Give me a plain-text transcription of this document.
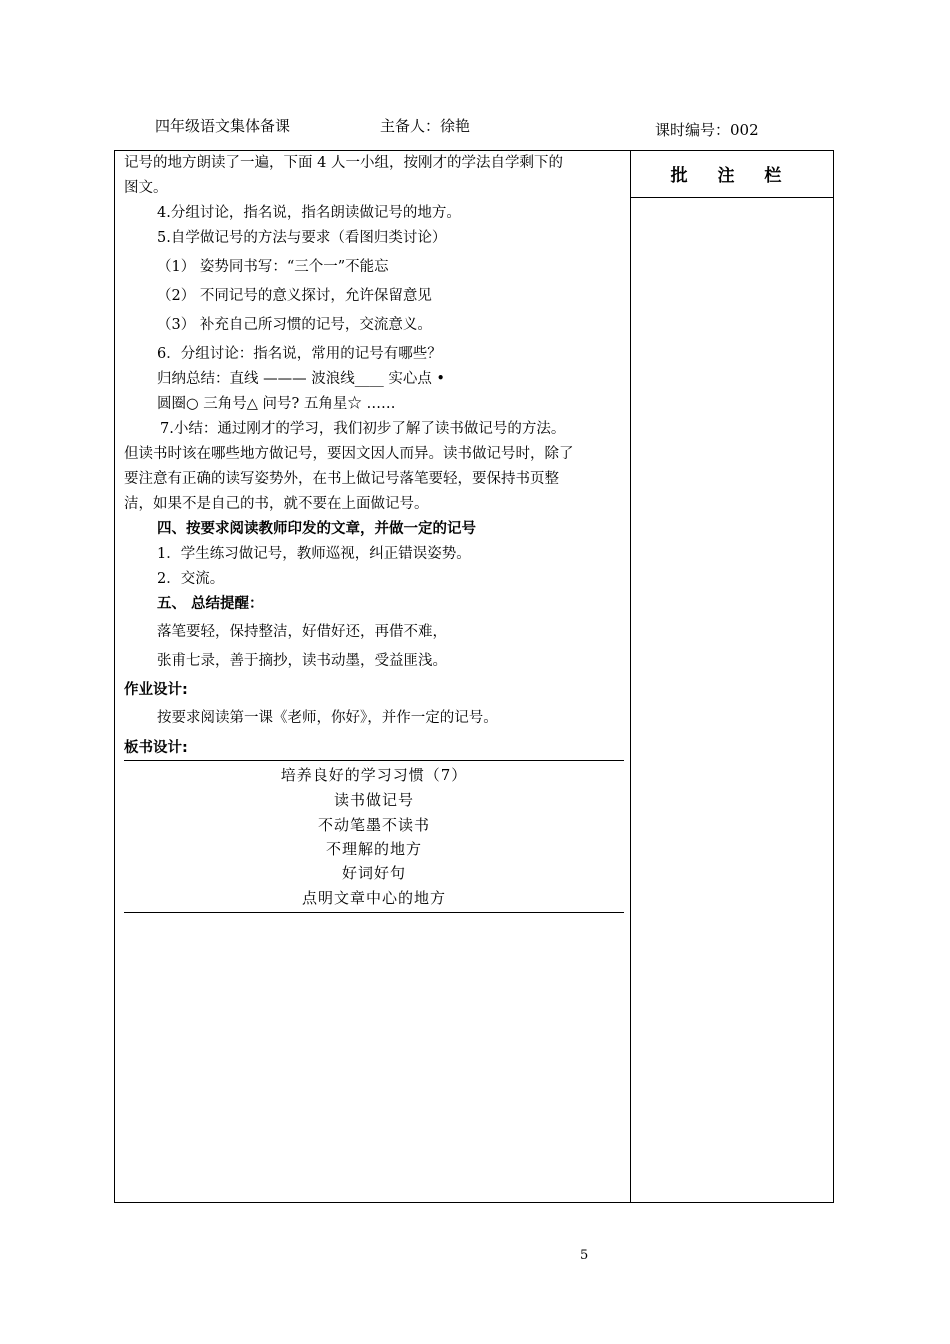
四年级语文集体备课	主备人：徐艳	课时编号：002
批 注 栏
记号的地方朗读了一遍，下面 4 人一小组，按刚才的学法自学剩下的
图文。
4.分组讨论，指名说，指名朗读做记号的地方。
5.自学做记号的方法与要求（看图归类讨论）
（1） 姿势同书写：“三个一”不能忘
（2） 不同记号的意义探讨，允许保留意见
（3） 补充自己所习惯的记号，交流意义。
6．分组讨论：指名说，常用的记号有哪些？
归纳总结：直线 ——— 波浪线____ 实心点 •
圆圈○ 三角号△ 问号? 五角星☆ ……
7.小结：通过刚才的学习，我们初步了解了读书做记号的方法。
但读书时该在哪些地方做记号，要因文因人而异。读书做记号时，除了
要注意有正确的读写姿势外，在书上做记号落笔要轻，要保持书页整
洁，如果不是自己的书，就不要在上面做记号。
四、按要求阅读教师印发的文章，并做一定的记号
1．学生练习做记号，教师巡视，纠正错误姿势。
2．交流。
五、 总结提醒：
落笔要轻，保持整洁，好借好还，再借不难，
张甫七录，善于摘抄，读书动墨，受益匪浅。
作业设计:
按要求阅读第一课《老师，你好》，并作一定的记号。
板书设计:
培养良好的学习习惯（7）
读书做记号
不动笔墨不读书
不理解的地方
好词好句
点明文章中心的地方
5
